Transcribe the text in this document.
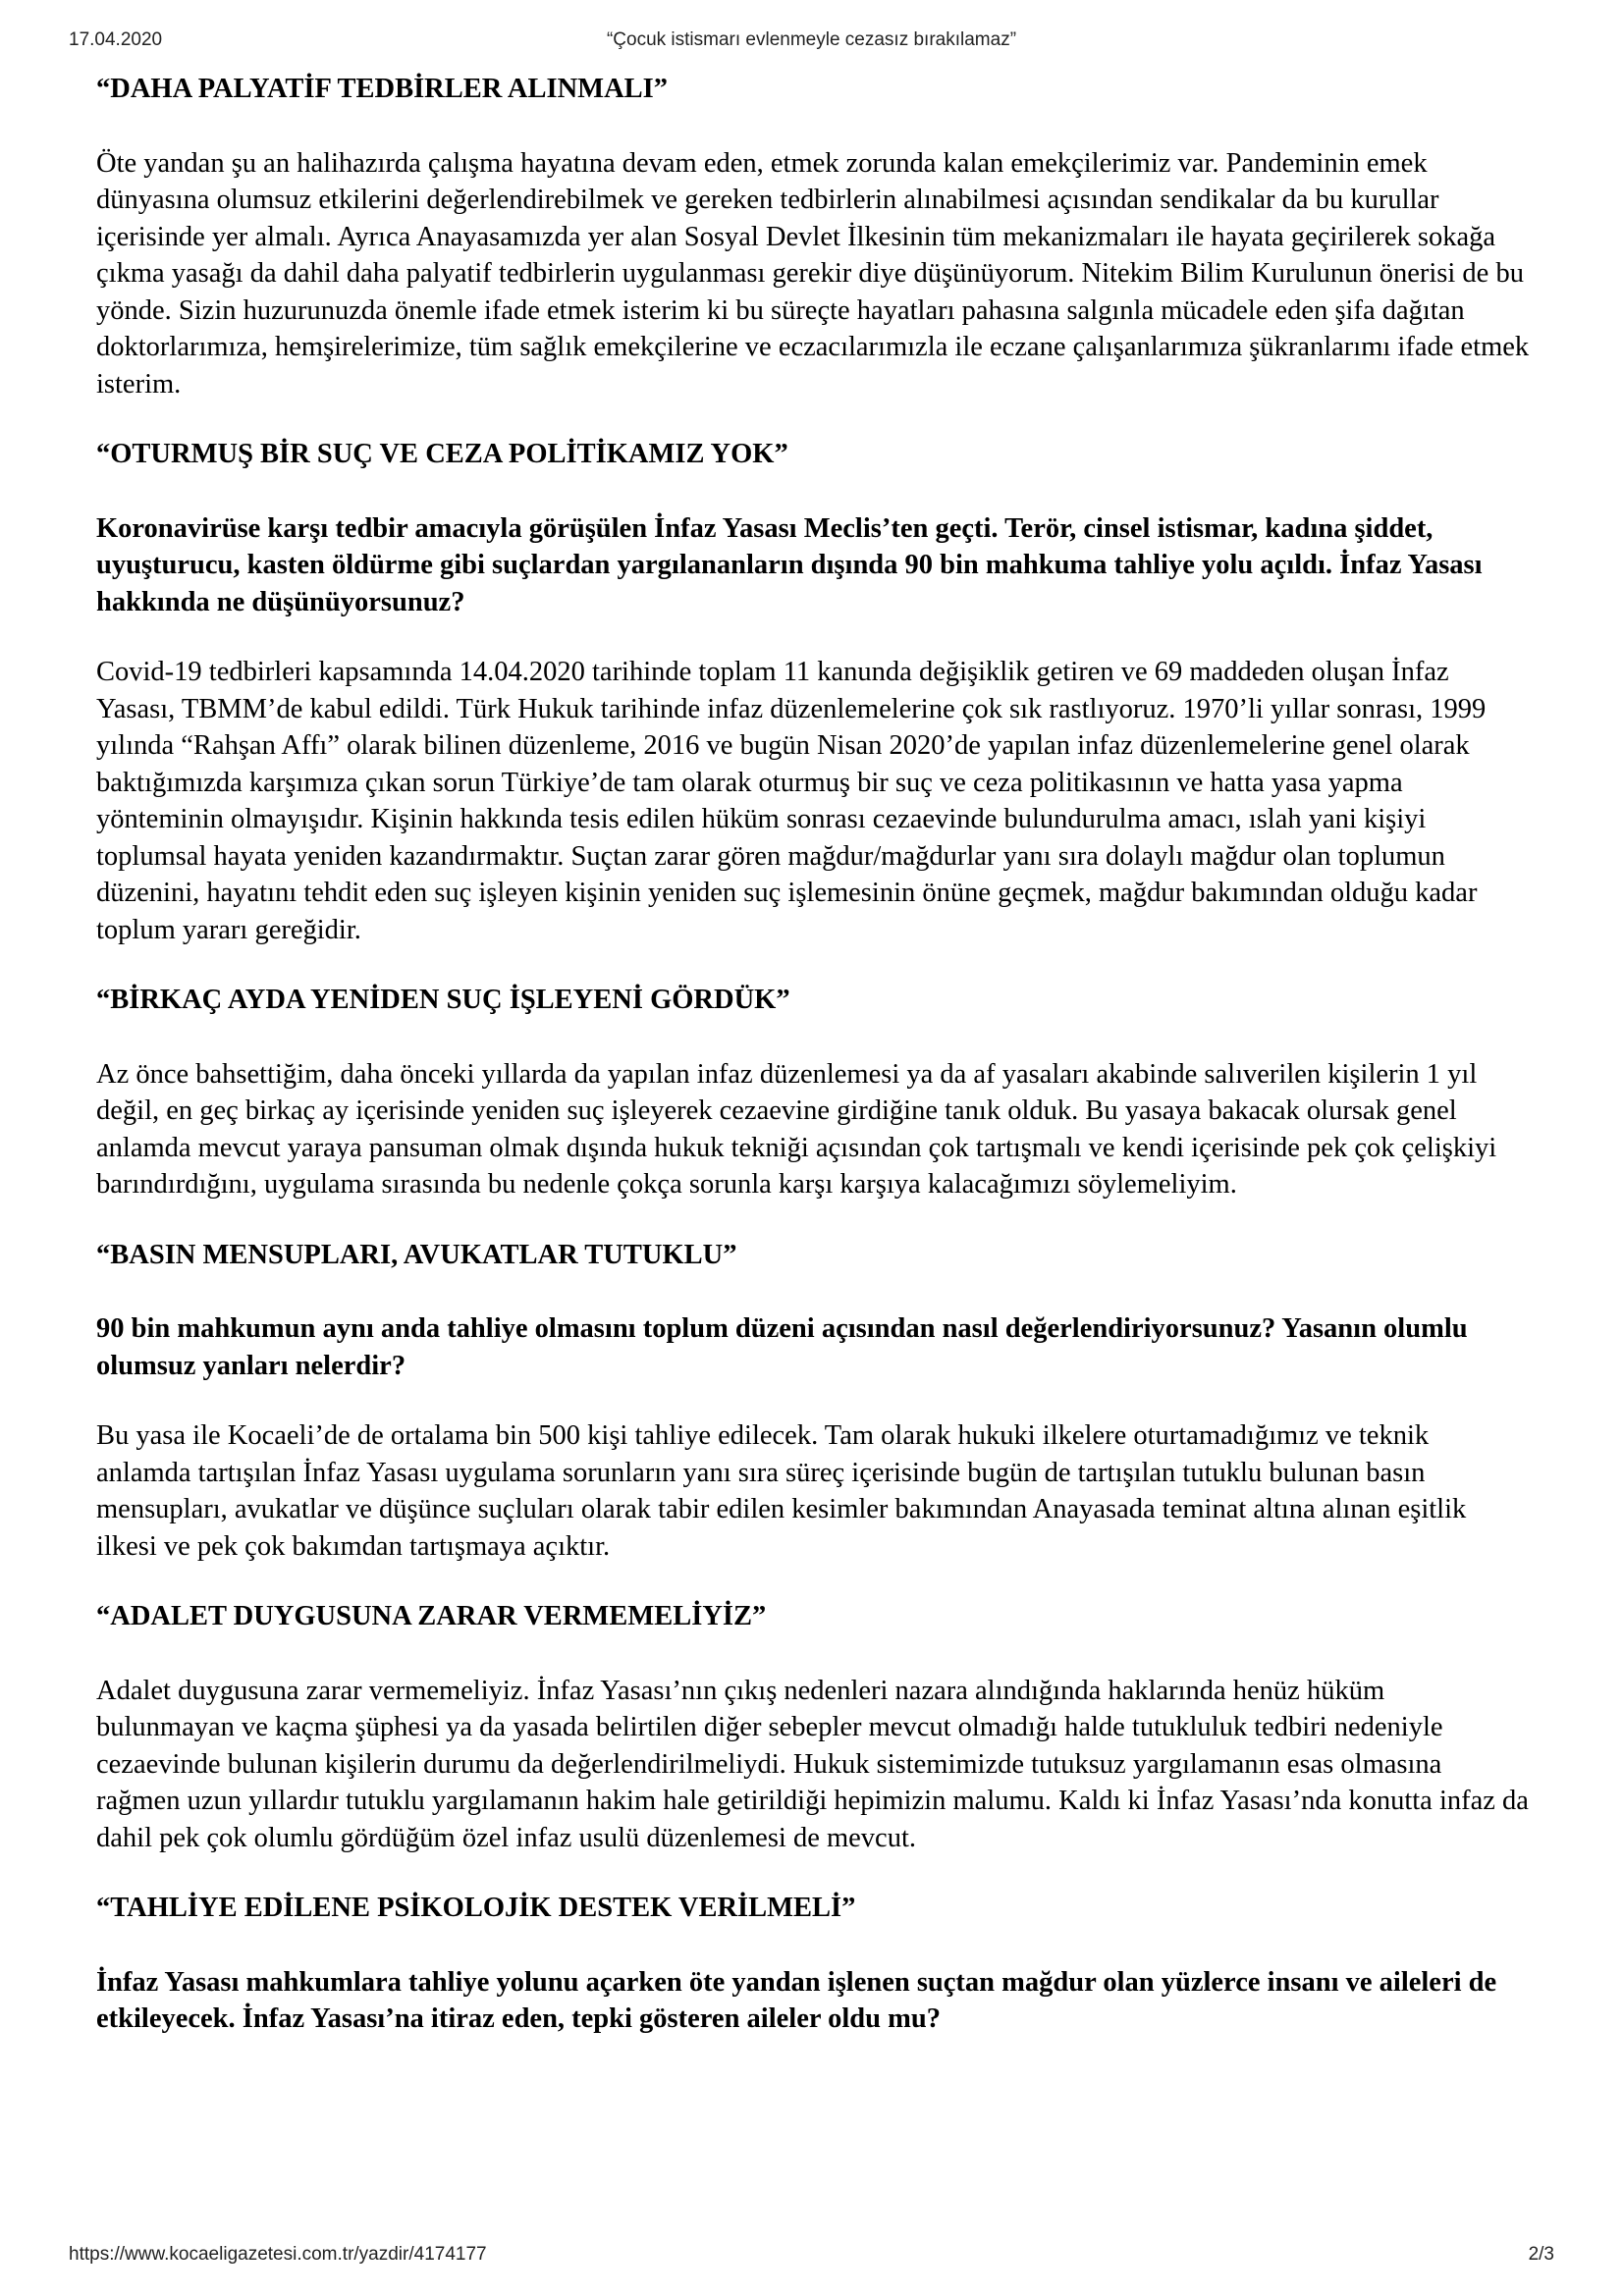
17.04.2020	“Çocuk istismarı evlenmeyle cezasız bırakılamaz”
“DAHA PALYATİF TEDBİRLER ALINMALI”

Öte yandan şu an halihazırda çalışma hayatına devam eden, etmek zorunda kalan emekçilerimiz var. Pandeminin emek dünyasına olumsuz etkilerini değerlendirebilmek ve gereken tedbirlerin alınabilmesi açısından sendikalar da bu kurullar içerisinde yer almalı. Ayrıca Anayasamızda yer alan Sosyal Devlet İlkesinin tüm mekanizmaları ile hayata geçirilerek sokağa çıkma yasağı da dahil daha palyatif tedbirlerin uygulanması gerekir diye düşünüyorum. Nitekim Bilim Kurulunun önerisi de bu yönde. Sizin huzurunuzda önemle ifade etmek isterim ki bu süreçte hayatları pahasına salgınla mücadele eden şifa dağıtan doktorlarımıza, hemşirelerimize, tüm sağlık emekçilerine ve eczacılarımızla ile eczane çalışanlarımıza şükranlarımı ifade etmek isterim.

“OTURMUŞ BİR SUÇ VE CEZA POLİTİKAMIZ YOK”

Koronavirüse karşı tedbir amacıyla görüşülen İnfaz Yasası Meclis’ten geçti. Terör, cinsel istismar, kadına şiddet, uyuşturucu, kasten öldürme gibi suçlardan yargılananların dışında 90 bin mahkuma tahliye yolu açıldı. İnfaz Yasası hakkında ne düşünüyorsunuz?

Covid-19 tedbirleri kapsamında 14.04.2020 tarihinde toplam 11 kanunda değişiklik getiren ve 69 maddeden oluşan İnfaz Yasası, TBMM’de kabul edildi. Türk Hukuk tarihinde infaz düzenlemelerine çok sık rastlıyoruz. 1970’li yıllar sonrası, 1999 yılında “Rahşan Affı” olarak bilinen düzenleme, 2016 ve bugün Nisan 2020’de yapılan infaz düzenlemelerine genel olarak baktığımızda karşımıza çıkan sorun Türkiye’de tam olarak oturmuş bir suç ve ceza politikasının ve hatta yasa yapma yönteminin olmayışıdır. Kişinin hakkında tesis edilen hüküm sonrası cezaevinde bulundurulma amacı, ıslah yani kişiyi toplumsal hayata yeniden kazandırmaktır. Suçtan zarar gören mağdur/mağdurlar yanı sıra dolaylı mağdur olan toplumun düzenini, hayatını tehdit eden suç işleyen kişinin yeniden suç işlemesinin önüne geçmek, mağdur bakımından olduğu kadar toplum yararı gereğidir.

“BİRKAÇ AYDA YENİDEN SUÇ İŞLEYENİ GÖRDÜK”

Az önce bahsettiğim, daha önceki yıllarda da yapılan infaz düzenlemesi ya da af yasaları akabinde salıverilen kişilerin 1 yıl değil, en geç birkaç ay içerisinde yeniden suç işleyerek cezaevine girdiğine tanık olduk. Bu yasaya bakacak olursak genel anlamda mevcut yaraya pansuman olmak dışında hukuk tekniği açısından çok tartışmalı ve kendi içerisinde pek çok çelişkiyi barındırdığını, uygulama sırasında bu nedenle çokça sorunla karşı karşıya kalacağımızı söylemeliyim.

“BASIN MENSUPLARI, AVUKATLAR TUTUKLU”

90 bin mahkumun aynı anda tahliye olmasını toplum düzeni açısından nasıl değerlendiriyorsunuz? Yasanın olumlu olumsuz yanları nelerdir?

Bu yasa ile Kocaeli’de de ortalama bin 500 kişi tahliye edilecek. Tam olarak hukuki ilkelere oturtamadığımız ve teknik anlamda tartışılan İnfaz Yasası uygulama sorunların yanı sıra süreç içerisinde bugün de tartışılan tutuklu bulunan basın mensupları, avukatlar ve düşünce suçluları olarak tabir edilen kesimler bakımından Anayasada teminat altına alınan eşitlik ilkesi ve pek çok bakımdan tartışmaya açıktır.

“ADALET DUYGUSUNA ZARAR VERMEMELİYİZ”

Adalet duygusuna zarar vermemeliyiz. İnfaz Yasası’nın çıkış nedenleri nazara alındığında haklarında henüz hüküm bulunmayan ve kaçma şüphesi ya da yasada belirtilen diğer sebepler mevcut olmadığı halde tutukluluk tedbiri nedeniyle cezaevinde bulunan kişilerin durumu da değerlendirilmeliydi. Hukuk sistemimizde tutuksuz yargılamanın esas olmasına rağmen uzun yıllardır tutuklu yargılamanın hakim hale getirildiği hepimizin malumu. Kaldı ki İnfaz Yasası’nda konutta infaz da dahil pek çok olumlu gördüğüm özel infaz usulü düzenlemesi de mevcut.

“TAHLİYE EDİLENE PSİKOLOJİK DESTEK VERİLMELİ”

İnfaz Yasası mahkumlara tahliye yolunu açarken öte yandan işlenen suçtan mağdur olan yüzlerce insanı ve aileleri de etkileyecek. İnfaz Yasası’na itiraz eden, tepki gösteren aileler oldu mu?

https://www.kocaeligazetesi.com.tr/yazdir/4174177	2/3
